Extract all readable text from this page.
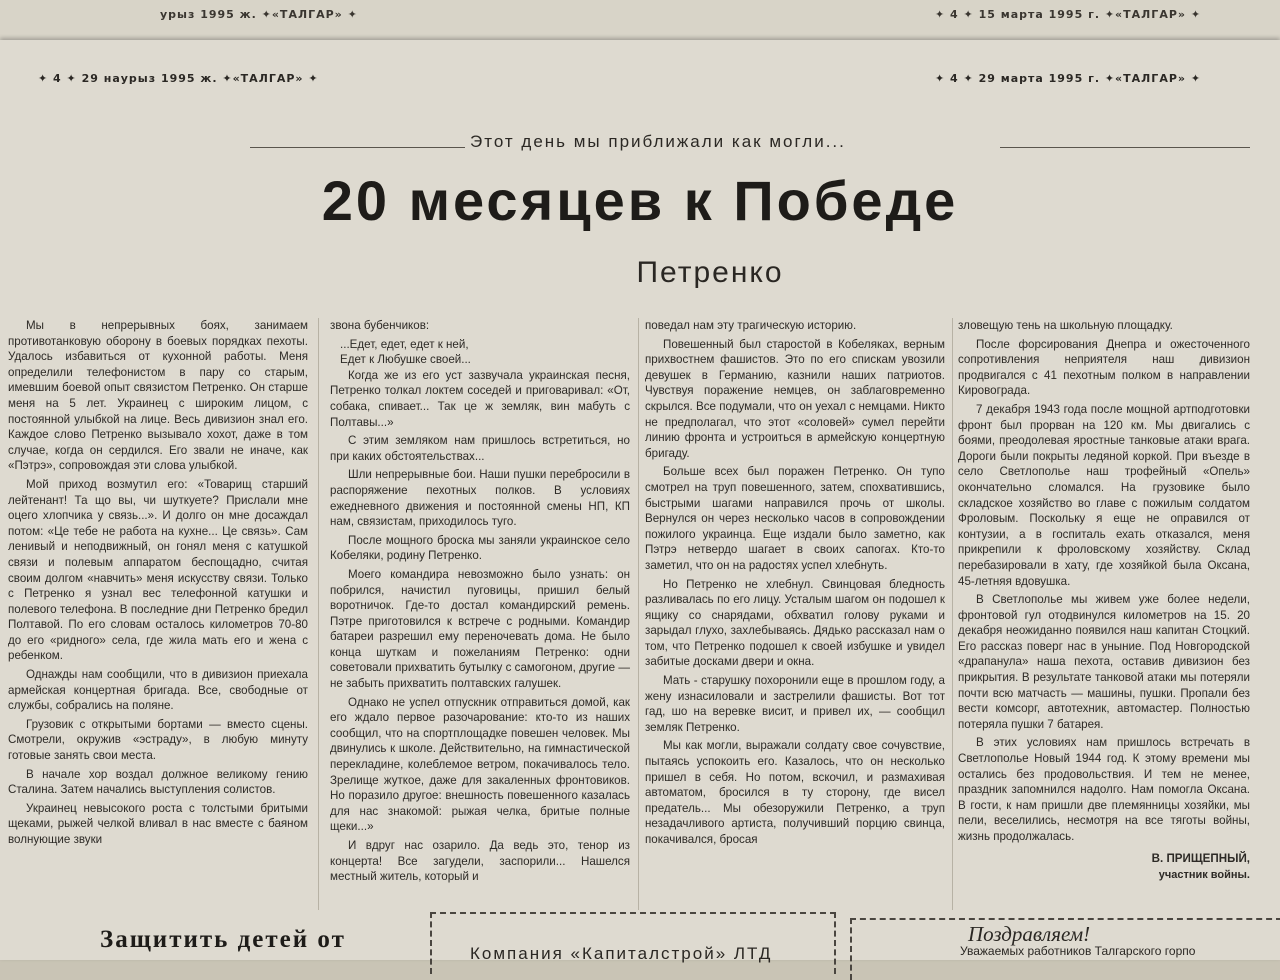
урыз 1995 ж. ✦«ТАЛГАР» ✦	✦ 4 ✦ 15 марта 1995 г. ✦«ТАЛГАР» ✦
✦ 4 ✦ 29 наурыз 1995 ж. ✦«ТАЛГАР» ✦	✦ 4 ✦ 29 марта 1995 г. ✦«ТАЛГАР» ✦
Этот день мы приближали как могли...
20 месяцев к Победе
Петренко

Мы в непрерывных боях, занимаем противотанковую оборону в боевых порядках пехоты. Удалось избавиться от кухонной работы. Меня определили телефонистом в пару со старым, имевшим боевой опыт связистом Петренко. Он старше меня на 5 лет. Украинец с широким лицом, с постоянной улыбкой на лице. Весь дивизион знал его. Каждое слово Петренко вызывало хохот, даже в том случае, когда он сердился. Его звали не иначе, как «Пэтрэ», сопровождая эти слова улыбкой.

Мой приход возмутил его: «Товарищ старший лейтенант! Та що вы, чи шуткуете? Прислали мне оцего хлопчика у связь...». И долго он мне досаждал потом: «Це тебе не работа на кухне... Це связь». Сам ленивый и неподвижный, он гонял меня с катушкой связи и полевым аппаратом беспощадно, считая своим долгом «навчить» меня искусству связи. Только с Петренко я узнал вес телефонной катушки и полевого телефона. В последние дни Петренко бредил Полтавой. По его словам осталось километров 70-80 до его «ридного» села, где жила мать его и жена с ребенком.

Однажды нам сообщили, что в дивизион приехала армейская концертная бригада. Все, свободные от службы, собрались на поляне.

Грузовик с открытыми бортами — вместо сцены. Смотрели, окружив «эстраду», в любую минуту готовые занять свои места.

В начале хор воздал должное великому гению Сталина. Затем начались выступления солистов.

Украинец невысокого роста с толстыми бритыми щеками, рыжей челкой вливал в нас вместе с баяном волнующие звуки

звона бубенчиков:

...Едет, едет, едет к ней,

Едет к Любушке своей...

Когда же из его уст зазвучала украинская песня, Петренко толкал локтем соседей и приговаривал: «От, собака, спивает... Так це ж земляк, вин мабуть с Полтавы...»

С этим земляком нам пришлось встретиться, но при каких обстоятельствах...

Шли непрерывные бои. Наши пушки переброcили в распоряжение пехотных полков. В условиях ежедневного движения и постоянной смены НП, КП нам, связистам, приходилось туго.

После мощного броска мы заняли украинское село Кобеляки, родину Петренко.

Моего командира невозможно было узнать: он побрился, начистил пуговицы, пришил белый воротничок. Где-то достал командирский ремень. Пэтре приготовился к встрече с родными. Командир батареи разрешил ему переночевать дома. Не было конца шуткам и пожеланиям Петренко: одни советовали прихватить бутылку с самогоном, другие — не забыть прихватить полтавских галушек.

Однако не успел отпускник отправиться домой, как его ждало первое разочарование: кто-то из наших сообщил, что на спортплощадке повешен человек. Мы двинулись к школе. Действительно, на гимнастической перекладине, колеблемое ветром, покачивалось тело. Зрелище жуткое, даже для закаленных фронтовиков. Но поразило другое: внешность повешенного казалась для нас знакомой: рыжая челка, бритые полные щеки...»

И вдруг нас озарило. Да ведь это, тенор из концерта! Все загудели, заспорили... Нашелся местный житель, который и

поведал нам эту трагическую историю.

Повешенный был старостой в Кобеляках, верным прихвостнем фашистов. Это по его спискам увозили девушек в Германию, казнили наших патриотов. Чувствуя поражение немцев, он заблаговременно скрылся. Все подумали, что он уехал с немцами. Никто не предполагал, что этот «соловей» сумел перейти линию фронта и устроиться в армейскую концертную бригаду.

Больше всех был поражен Петренко. Он тупо смотрел на труп повешенного, затем, спохватившись, быстрыми шагами направился прочь от школы. Вернулся он через несколько часов в сопровождении пожилого украинца. Еще издали было заметно, как Пэтрэ нетвердо шагает в своих сапогах. Кто-то заметил, что он на радостях успел хлебнуть.

Но Петренко не хлебнул. Свинцовая бледность разливалась по его лицу. Усталым шагом он подошел к ящику со снарядами, обхватил голову руками и зарыдал глухо, захлебываясь. Дядько рассказал нам о том, что Петренко подошел к своей избушке и увидел забитые досками двери и окна.

Мать - старушку похоронили еще в прошлом году, а жену изнасиловали и застрелили фашисты. Вот тот гад, шо на веревке висит, и привел их, — сообщил земляк Петренко.

Мы как могли, выражали солдату свое сочувствие, пытаясь успокоить его. Казалось, что он несколько пришел в себя. Но потом, вскочил, и размахивая автоматом, бросился в ту сторону, где висел предатель... Мы обезоружили Петренко, а труп незадачливого артиста, получивший порцию свинца, покачивался, бросая

зловещую тень на школьную площадку.

После форсирования Днепра и ожесточенного сопротивления неприятеля наш дивизион продвигался с 41 пехотным полком в направлении Кировограда.

7 декабря 1943 года после мощной артподготовки фронт был прорван на 120 км. Мы двигались с боями, преодолевая яростные танковые атаки врага. Дороги были покрыты ледяной коркой. При въезде в село Светлополье наш трофейный «Опель» окончательно сломался. На грузовике было складское хозяйство во главе с пожилым солдатом Фроловым. Поскольку я еще не оправился от контузии, а в госпиталь ехать отказался, меня прикрепили к фроловскому хозяйству. Склад перебазировали в хату, где хозяйкой была Оксана, 45-летняя вдовушка.

В Светлополье мы живем уже более недели, фронтовой гул отодвинулся километров на 15. 20 декабря неожиданно появился наш капитан Стоцкий. Его рассказ поверг нас в уныние. Под Новгородской «драпанула» наша пехота, оставив дивизион без прикрытия. В результате танковой атаки мы потеряли почти всю матчасть — машины, пушки. Пропали без вести комсорг, автотехник, автомастер. Полностью потеряла пушки 7 батарея.

В этих условиях нам пришлось встречать в Светлополье Новый 1944 год. К этому времени мы остались без продовольствия. И тем не менее, праздник запомнился надолго. Нам помогла Оксана. В гости, к нам пришли две племянницы хозяйки, мы пели, веселились, несмотря на все тяготы войны, жизнь продолжалась.

В. ПРИЩЕПНЫЙ,
участник войны.
Защитить детей от
Компания «Капиталстрой» ЛТД
Поздравляем!
Уважаемых работников Талгарского горпо
